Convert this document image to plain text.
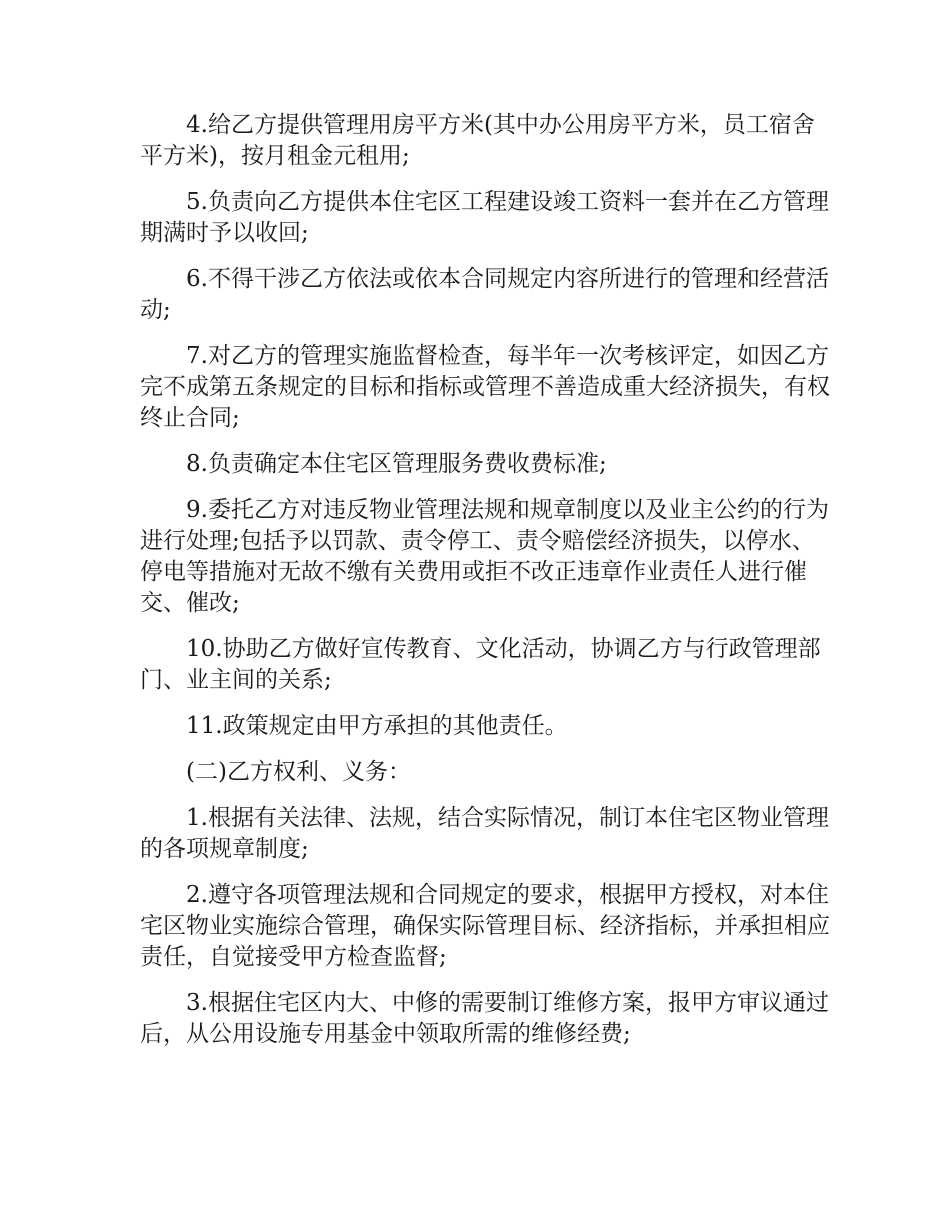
4.给乙方提供管理用房平方米(其中办公用房平方米，员工宿舍平方米)，按月租金元租用;

5.负责向乙方提供本住宅区工程建设竣工资料一套并在乙方管理期满时予以收回;

6.不得干涉乙方依法或依本合同规定内容所进行的管理和经营活动;

7.对乙方的管理实施监督检查，每半年一次考核评定，如因乙方完不成第五条规定的目标和指标或管理不善造成重大经济损失，有权终止合同;

8.负责确定本住宅区管理服务费收费标准;

9.委托乙方对违反物业管理法规和规章制度以及业主公约的行为进行处理;包括予以罚款、责令停工、责令赔偿经济损失，以停水、停电等措施对无故不缴有关费用或拒不改正违章作业责任人进行催交、催改;

10.协助乙方做好宣传教育、文化活动，协调乙方与行政管理部门、业主间的关系;

11.政策规定由甲方承担的其他责任。

(二)乙方权利、义务：

1.根据有关法律、法规，结合实际情况，制订本住宅区物业管理的各项规章制度;

2.遵守各项管理法规和合同规定的要求，根据甲方授权，对本住宅区物业实施综合管理，确保实际管理目标、经济指标，并承担相应责任，自觉接受甲方检查监督;

3.根据住宅区内大、中修的需要制订维修方案，报甲方审议通过后，从公用设施专用基金中领取所需的维修经费;
